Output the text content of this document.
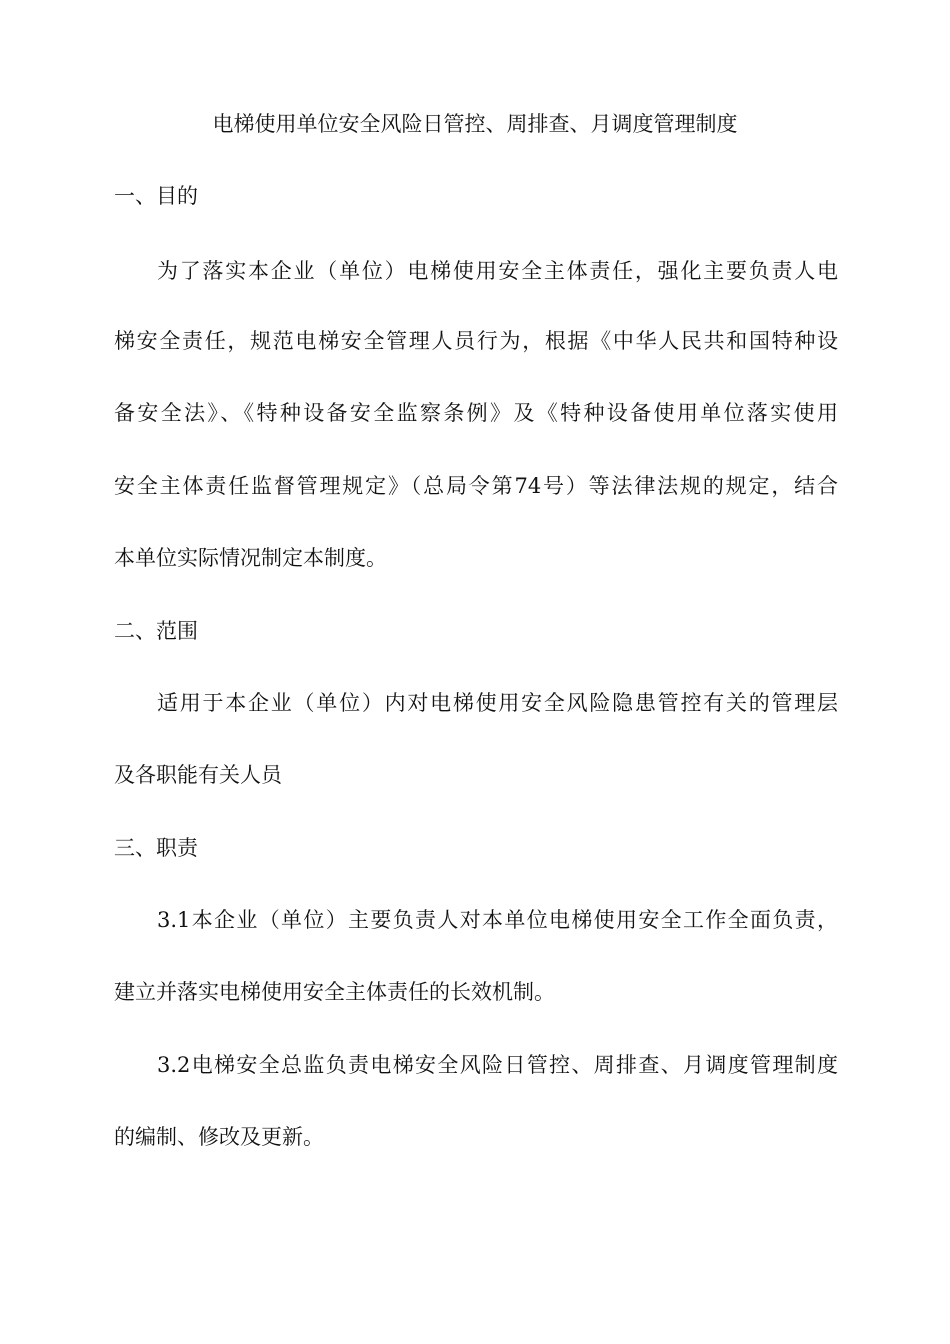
电梯使用单位安全风险日管控、周排查、月调度管理制度
一、目的
为了落实本企业（单位）电梯使用安全主体责任，强化主要负责人电
梯安全责任，规范电梯安全管理人员行为，根据《中华人民共和国特种设
备安全法》、《特种设备安全监察条例》及《特种设备使用单位落实使用
安全主体责任监督管理规定》（总局令第74号）等法律法规的规定，结合
本单位实际情况制定本制度。
二、范围
适用于本企业（单位）内对电梯使用安全风险隐患管控有关的管理层
及各职能有关人员
三、职责
3.1本企业（单位）主要负责人对本单位电梯使用安全工作全面负责，
建立并落实电梯使用安全主体责任的长效机制。
3.2电梯安全总监负责电梯安全风险日管控、周排查、月调度管理制度
的编制、修改及更新。
